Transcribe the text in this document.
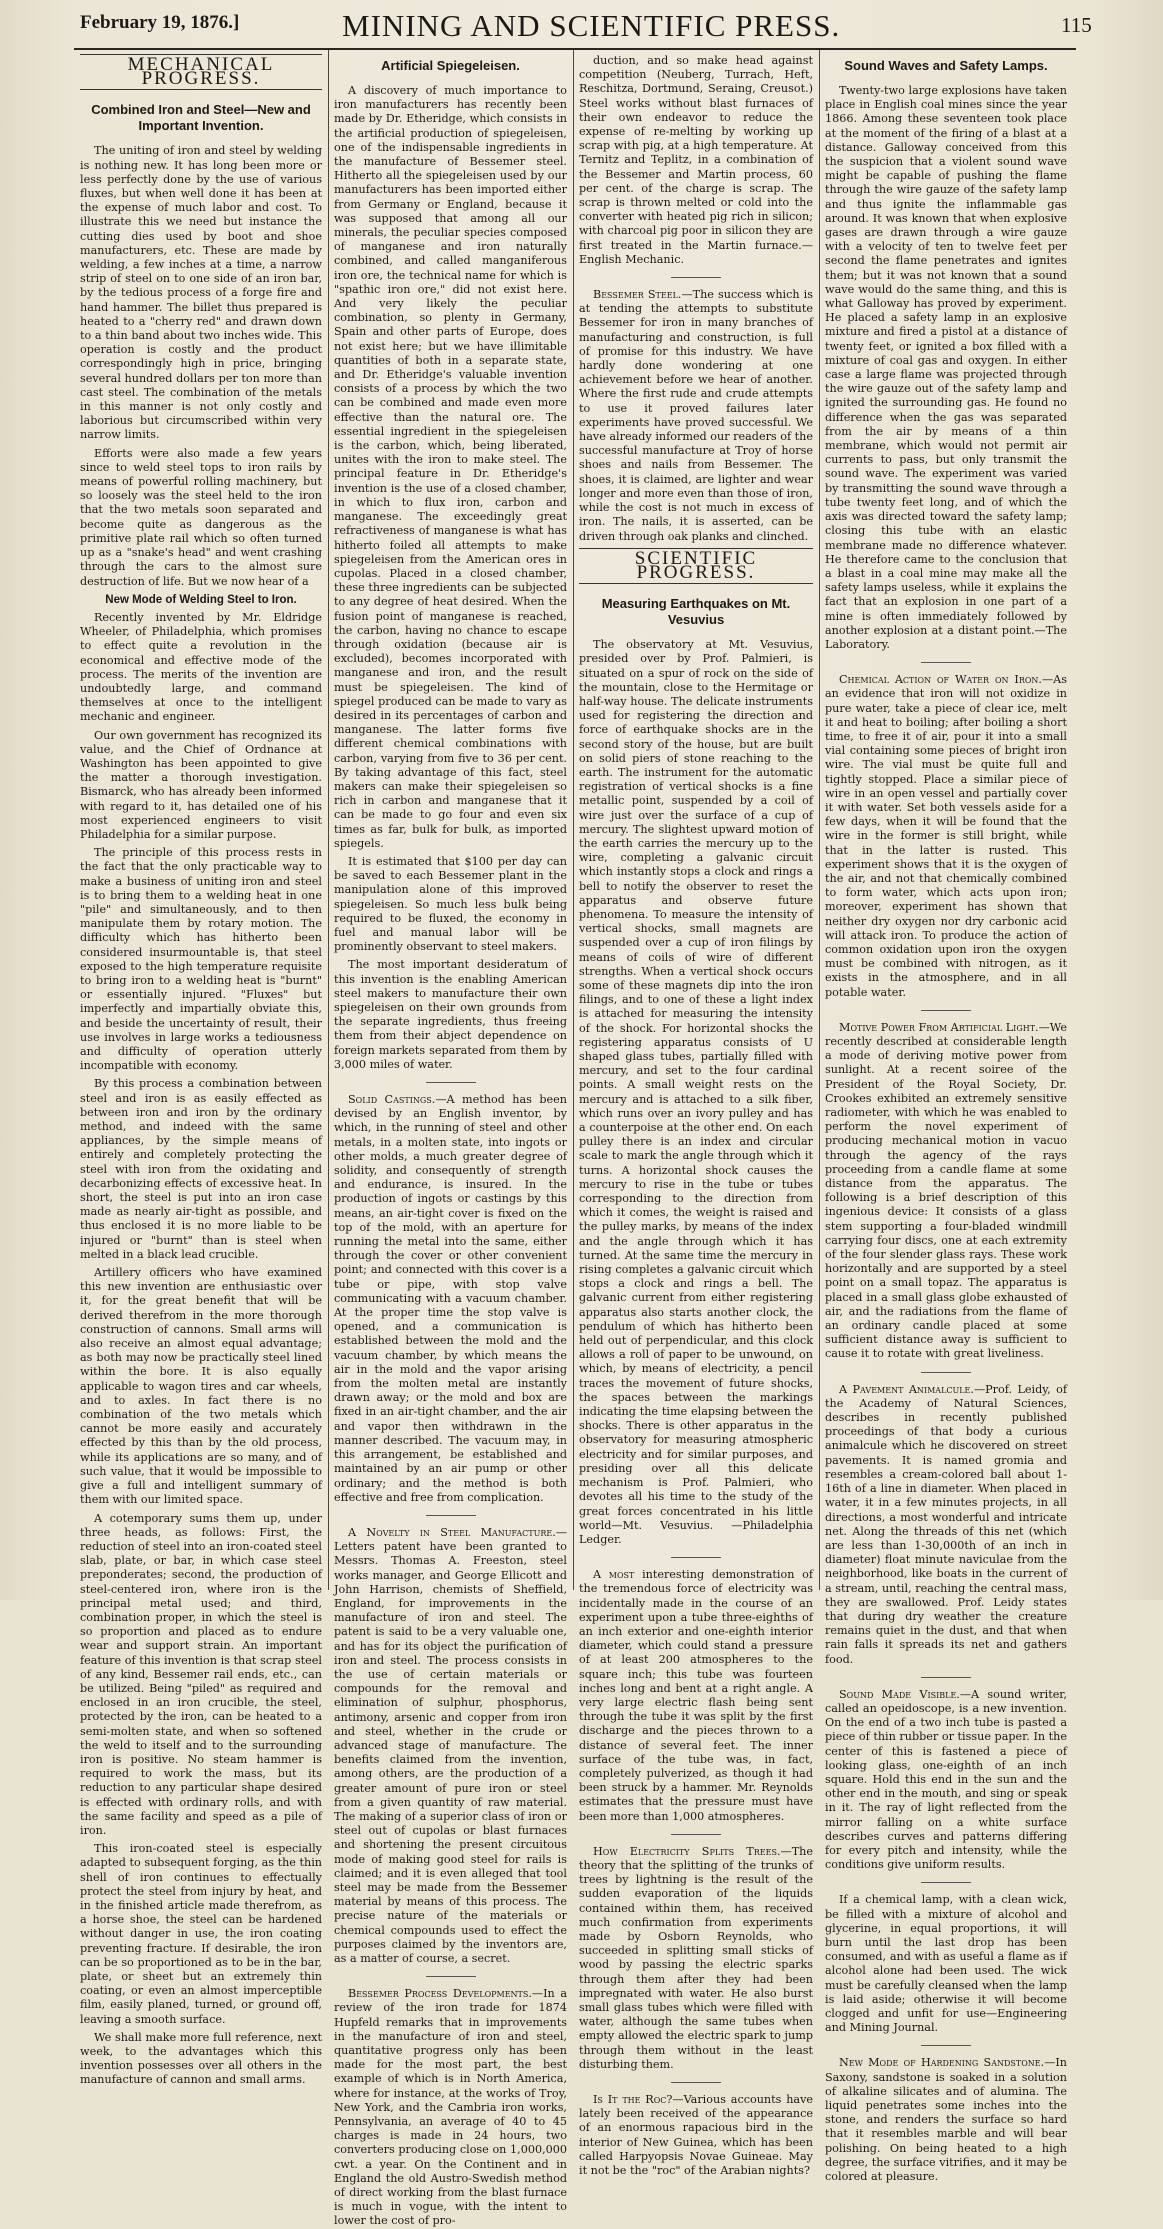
February 19, 1876.]	MINING AND SCIENTIFIC PRESS.	115
MECHANICAL PROGRESS.
Combined Iron and Steel—New and Important Invention.

The uniting of iron and steel by welding is nothing new. It has long been more or less perfectly done by the use of various fluxes, but when well done it has been at the expense of much labor and cost. To illustrate this we need but instance the cutting dies used by boot and shoe manufacturers, etc. These are made by welding, a few inches at a time, a narrow strip of steel on to one side of an iron bar, by the tedious process of a forge fire and hand hammer. The billet thus prepared is heated to a "cherry red" and drawn down to a thin band about two inches wide. This operation is costly and the product correspondingly high in price, bringing several hundred dollars per ton more than cast steel. The combination of the metals in this manner is not only costly and laborious but circumscribed within very narrow limits.

Efforts were also made a few years since to weld steel tops to iron rails by means of powerful rolling machinery, but so loosely was the steel held to the iron that the two metals soon separated and become quite as dangerous as the primitive plate rail which so often turned up as a "snake's head" and went crashing through the cars to the almost sure destruction of life. But we now hear of a

New Mode of Welding Steel to Iron.

Recently invented by Mr. Eldridge Wheeler, of Philadelphia, which promises to effect quite a revolution in the economical and effective mode of the process. The merits of the invention are undoubtedly large, and command themselves at once to the intelligent mechanic and engineer.

Our own government has recognized its value, and the Chief of Ordnance at Washington has been appointed to give the matter a thorough investigation. Bismarck, who has already been informed with regard to it, has detailed one of his most experienced engineers to visit Philadelphia for a similar purpose.

The principle of this process rests in the fact that the only practicable way to make a business of uniting iron and steel is to bring them to a welding heat in one "pile" and simultaneously, and to then manipulate them by rotary motion. The difficulty which has hitherto been considered insurmountable is, that steel exposed to the high temperature requisite to bring iron to a welding heat is "burnt" or essentially injured. "Fluxes" but imperfectly and impartially obviate this, and beside the uncertainty of result, their use involves in large works a tediousness and difficulty of operation utterly incompatible with economy.

By this process a combination between steel and iron is as easily effected as between iron and iron by the ordinary method, and indeed with the same appliances, by the simple means of entirely and completely protecting the steel with iron from the oxidating and decarbonizing effects of excessive heat. In short, the steel is put into an iron case made as nearly air-tight as possible, and thus enclosed it is no more liable to be injured or "burnt" than is steel when melted in a black lead crucible.

Artillery officers who have examined this new invention are enthusiastic over it, for the great benefit that will be derived therefrom in the more thorough construction of cannons. Small arms will also receive an almost equal advantage; as both may now be practically steel lined within the bore. It is also equally applicable to wagon tires and car wheels, and to axles. In fact there is no combination of the two metals which cannot be more easily and accurately effected by this than by the old process, while its applications are so many, and of such value, that it would be impossible to give a full and intelligent summary of them with our limited space.

A cotemporary sums them up, under three heads, as follows: First, the reduction of steel into an iron-coated steel slab, plate, or bar, in which case steel preponderates; second, the production of steel-centered iron, where iron is the principal metal used; and third, combination proper, in which the steel is so proportion and placed as to endure wear and support strain. An important feature of this invention is that scrap steel of any kind, Bessemer rail ends, etc., can be utilized. Being "piled" as required and enclosed in an iron crucible, the steel, protected by the iron, can be heated to a semi-molten state, and when so softened the weld to itself and to the surrounding iron is positive. No steam hammer is required to work the mass, but its reduction to any particular shape desired is effected with ordinary rolls, and with the same facility and speed as a pile of iron.

This iron-coated steel is especially adapted to subsequent forging, as the thin shell of iron continues to effectually protect the steel from injury by heat, and in the finished article made therefrom, as a horse shoe, the steel can be hardened without danger in use, the iron coating preventing fracture. If desirable, the iron can be so proportioned as to be in the bar, plate, or sheet but an extremely thin coating, or even an almost imperceptible film, easily planed, turned, or ground off, leaving a smooth surface.

We shall make more full reference, next week, to the advantages which this invention possesses over all others in the manufacture of cannon and small arms.

Artificial Spiegeleisen.

A discovery of much importance to iron manufacturers has recently been made by Dr. Etheridge, which consists in the artificial production of spiegeleisen, one of the indispensable ingredients in the manufacture of Bessemer steel. Hitherto all the spiegeleisen used by our manufacturers has been imported either from Germany or England, because it was supposed that among all our minerals, the peculiar species composed of manganese and iron naturally combined, and called manganiferous iron ore, the technical name for which is "spathic iron ore," did not exist here. And very likely the peculiar combination, so plenty in Germany, Spain and other parts of Europe, does not exist here; but we have illimitable quantities of both in a separate state, and Dr. Etheridge's valuable invention consists of a process by which the two can be combined and made even more effective than the natural ore. The essential ingredient in the spiegeleisen is the carbon, which, being liberated, unites with the iron to make steel. The principal feature in Dr. Etheridge's invention is the use of a closed chamber, in which to flux iron, carbon and manganese. The exceedingly great refractiveness of manganese is what has hitherto foiled all attempts to make spiegeleisen from the American ores in cupolas. Placed in a closed chamber, these three ingredients can be subjected to any degree of heat desired. When the fusion point of manganese is reached, the carbon, having no chance to escape through oxidation (because air is excluded), becomes incorporated with manganese and iron, and the result must be spiegeleisen. The kind of spiegel produced can be made to vary as desired in its percentages of carbon and manganese. The latter forms five different chemical combinations with carbon, varying from five to 36 per cent. By taking advantage of this fact, steel makers can make their spiegeleisen so rich in carbon and manganese that it can be made to go four and even six times as far, bulk for bulk, as imported spiegels.

It is estimated that $100 per day can be saved to each Bessemer plant in the manipulation alone of this improved spiegeleisen. So much less bulk being required to be fluxed, the economy in fuel and manual labor will be prominently observant to steel makers.

The most important desideratum of this invention is the enabling American steel makers to manufacture their own spiegeleisen on their own grounds from the separate ingredients, thus freeing them from their abject dependence on foreign markets separated from them by 3,000 miles of water.

Solid Castings.—A method has been devised by an English inventor, by which, in the running of steel and other metals, in a molten state, into ingots or other molds, a much greater degree of solidity, and consequently of strength and endurance, is insured. In the production of ingots or castings by this means, an air-tight cover is fixed on the top of the mold, with an aperture for running the metal into the same, either through the cover or other convenient point; and connected with this cover is a tube or pipe, with stop valve communicating with a vacuum chamber. At the proper time the stop valve is opened, and a communication is established between the mold and the vacuum chamber, by which means the air in the mold and the vapor arising from the molten metal are instantly drawn away; or the mold and box are fixed in an air-tight chamber, and the air and vapor then withdrawn in the manner described. The vacuum may, in this arrangement, be established and maintained by an air pump or other ordinary; and the method is both effective and free from complication.

A Novelty in Steel Manufacture.—Letters patent have been granted to Messrs. Thomas A. Freeston, steel works manager, and George Ellicott and John Harrison, chemists of Sheffield, England, for improvements in the manufacture of iron and steel. The patent is said to be a very valuable one, and has for its object the purification of iron and steel. The process consists in the use of certain materials or compounds for the removal and elimination of sulphur, phosphorus, antimony, arsenic and copper from iron and steel, whether in the crude or advanced stage of manufacture. The benefits claimed from the invention, among others, are the production of a greater amount of pure iron or steel from a given quantity of raw material. The making of a superior class of iron or steel out of cupolas or blast furnaces and shortening the present circuitous mode of making good steel for rails is claimed; and it is even alleged that tool steel may be made from the Bessemer material by means of this process. The precise nature of the materials or chemical compounds used to effect the purposes claimed by the inventors are, as a matter of course, a secret.

Bessemer Process Developments.—In a review of the iron trade for 1874 Hupfeld remarks that in improvements in the manufacture of iron and steel, quantitative progress only has been made for the most part, the best example of which is in North America, where for instance, at the works of Troy, New York, and the Cambria iron works, Pennsylvania, an average of 40 to 45 charges is made in 24 hours, two converters producing close on 1,000,000 cwt. a year. On the Continent and in England the old Austro-Swedish method of direct working from the blast furnace is much in vogue, with the intent to lower the cost of pro-

duction, and so make head against competition (Neuberg, Turrach, Heft, Reschitza, Dortmund, Seraing, Creusot.) Steel works without blast furnaces of their own endeavor to reduce the expense of re-melting by working up scrap with pig, at a high temperature. At Ternitz and Teplitz, in a combination of the Bessemer and Martin process, 60 per cent. of the charge is scrap. The scrap is thrown melted or cold into the converter with heated pig rich in silicon; with charcoal pig poor in silicon they are first treated in the Martin furnace.—English Mechanic.

Bessemer Steel.—The success which is at tending the attempts to substitute Bessemer for iron in many branches of manufacturing and construction, is full of promise for this industry. We have hardly done wondering at one achievement before we hear of another. Where the first rude and crude attempts to use it proved failures later experiments have proved successful. We have already informed our readers of the successful manufacture at Troy of horse shoes and nails from Bessemer. The shoes, it is claimed, are lighter and wear longer and more even than those of iron, while the cost is not much in excess of iron. The nails, it is asserted, can be driven through oak planks and clinched.

SCIENTIFIC PROGRESS.
Measuring Earthquakes on Mt. Vesuvius

The observatory at Mt. Vesuvius, presided over by Prof. Palmieri, is situated on a spur of rock on the side of the mountain, close to the Hermitage or half-way house. The delicate instruments used for registering the direction and force of earthquake shocks are in the second story of the house, but are built on solid piers of stone reaching to the earth. The instrument for the automatic registration of vertical shocks is a fine metallic point, suspended by a coil of wire just over the surface of a cup of mercury. The slightest upward motion of the earth carries the mercury up to the wire, completing a galvanic circuit which instantly stops a clock and rings a bell to notify the observer to reset the apparatus and observe future phenomena. To measure the intensity of vertical shocks, small magnets are suspended over a cup of iron filings by means of coils of wire of different strengths. When a vertical shock occurs some of these magnets dip into the iron filings, and to one of these a light index is attached for measuring the intensity of the shock. For horizontal shocks the registering apparatus consists of U shaped glass tubes, partially filled with mercury, and set to the four cardinal points. A small weight rests on the mercury and is attached to a silk fiber, which runs over an ivory pulley and has a counterpoise at the other end. On each pulley there is an index and circular scale to mark the angle through which it turns. A horizontal shock causes the mercury to rise in the tube or tubes corresponding to the direction from which it comes, the weight is raised and the pulley marks, by means of the index and the angle through which it has turned. At the same time the mercury in rising completes a galvanic circuit which stops a clock and rings a bell. The galvanic current from either registering apparatus also starts another clock, the pendulum of which has hitherto been held out of perpendicular, and this clock allows a roll of paper to be unwound, on which, by means of electricity, a pencil traces the movement of future shocks, the spaces between the markings indicating the time elapsing between the shocks. There is other apparatus in the observatory for measuring atmospheric electricity and for similar purposes, and presiding over all this delicate mechanism is Prof. Palmieri, who devotes all his time to the study of the great forces concentrated in his little world—Mt. Vesuvius. —Philadelphia Ledger.

A most interesting demonstration of the tremendous force of electricity was incidentally made in the course of an experiment upon a tube three-eighths of an inch exterior and one-eighth interior diameter, which could stand a pressure of at least 200 atmospheres to the square inch; this tube was fourteen inches long and bent at a right angle. A very large electric flash being sent through the tube it was split by the first discharge and the pieces thrown to a distance of several feet. The inner surface of the tube was, in fact, completely pulverized, as though it had been struck by a hammer. Mr. Reynolds estimates that the pressure must have been more than 1,000 atmospheres.

How Electricity Splits Trees.—The theory that the splitting of the trunks of trees by lightning is the result of the sudden evaporation of the liquids contained within them, has received much confirmation from experiments made by Osborn Reynolds, who succeeded in splitting small sticks of wood by passing the electric sparks through them after they had been impregnated with water. He also burst small glass tubes which were filled with water, although the same tubes when empty allowed the electric spark to jump through them without in the least disturbing them.

Is It the Roc?—Various accounts have lately been received of the appearance of an enormous rapacious bird in the interior of New Guinea, which has been called Harpyopsis Novae Guineae. May it not be the "roc" of the Arabian nights?

Sound Waves and Safety Lamps.

Twenty-two large explosions have taken place in English coal mines since the year 1866. Among these seventeen took place at the moment of the firing of a blast at a distance. Galloway conceived from this the suspicion that a violent sound wave might be capable of pushing the flame through the wire gauze of the safety lamp and thus ignite the inflammable gas around. It was known that when explosive gases are drawn through a wire gauze with a velocity of ten to twelve feet per second the flame penetrates and ignites them; but it was not known that a sound wave would do the same thing, and this is what Galloway has proved by experiment. He placed a safety lamp in an explosive mixture and fired a pistol at a distance of twenty feet, or ignited a box filled with a mixture of coal gas and oxygen. In either case a large flame was projected through the wire gauze out of the safety lamp and ignited the surrounding gas. He found no difference when the gas was separated from the air by means of a thin membrane, which would not permit air currents to pass, but only transmit the sound wave. The experiment was varied by transmitting the sound wave through a tube twenty feet long, and of which the axis was directed toward the safety lamp; closing this tube with an elastic membrane made no difference whatever. He therefore came to the conclusion that a blast in a coal mine may make all the safety lamps useless, while it explains the fact that an explosion in one part of a mine is often immediately followed by another explosion at a distant point.—The Laboratory.

Chemical Action of Water on Iron.—As an evidence that iron will not oxidize in pure water, take a piece of clear ice, melt it and heat to boiling; after boiling a short time, to free it of air, pour it into a small vial containing some pieces of bright iron wire. The vial must be quite full and tightly stopped. Place a similar piece of wire in an open vessel and partially cover it with water. Set both vessels aside for a few days, when it will be found that the wire in the former is still bright, while that in the latter is rusted. This experiment shows that it is the oxygen of the air, and not that chemically combined to form water, which acts upon iron; moreover, experiment has shown that neither dry oxygen nor dry carbonic acid will attack iron. To produce the action of common oxidation upon iron the oxygen must be combined with nitrogen, as it exists in the atmosphere, and in all potable water.

Motive Power From Artificial Light.—We recently described at considerable length a mode of deriving motive power from sunlight. At a recent soiree of the President of the Royal Society, Dr. Crookes exhibited an extremely sensitive radiometer, with which he was enabled to perform the novel experiment of producing mechanical motion in vacuo through the agency of the rays proceeding from a candle flame at some distance from the apparatus. The following is a brief description of this ingenious device: It consists of a glass stem supporting a four-bladed windmill carrying four discs, one at each extremity of the four slender glass rays. These work horizontally and are supported by a steel point on a small topaz. The apparatus is placed in a small glass globe exhausted of air, and the radiations from the flame of an ordinary candle placed at some sufficient distance away is sufficient to cause it to rotate with great liveliness.

A Pavement Animalcule.—Prof. Leidy, of the Academy of Natural Sciences, describes in recently published proceedings of that body a curious animalcule which he discovered on street pavements. It is named gromia and resembles a cream-colored ball about 1-16th of a line in diameter. When placed in water, it in a few minutes projects, in all directions, a most wonderful and intricate net. Along the threads of this net (which are less than 1-30,000th of an inch in diameter) float minute naviculae from the neighborhood, like boats in the current of a stream, until, reaching the central mass, they are swallowed. Prof. Leidy states that during dry weather the creature remains quiet in the dust, and that when rain falls it spreads its net and gathers food.

Sound Made Visible.—A sound writer, called an opeidoscope, is a new invention. On the end of a two inch tube is pasted a piece of thin rubber or tissue paper. In the center of this is fastened a piece of looking glass, one-eighth of an inch square. Hold this end in the sun and the other end in the mouth, and sing or speak in it. The ray of light reflected from the mirror falling on a white surface describes curves and patterns differing for every pitch and intensity, while the conditions give uniform results.

If a chemical lamp, with a clean wick, be filled with a mixture of alcohol and glycerine, in equal proportions, it will burn until the last drop has been consumed, and with as useful a flame as if alcohol alone had been used. The wick must be carefully cleansed when the lamp is laid aside; otherwise it will become clogged and unfit for use—Engineering and Mining Journal.

New Mode of Hardening Sandstone.—In Saxony, sandstone is soaked in a solution of alkaline silicates and of alumina. The liquid penetrates some inches into the stone, and renders the surface so hard that it resembles marble and will bear polishing. On being heated to a high degree, the surface vitrifies, and it may be colored at pleasure.
